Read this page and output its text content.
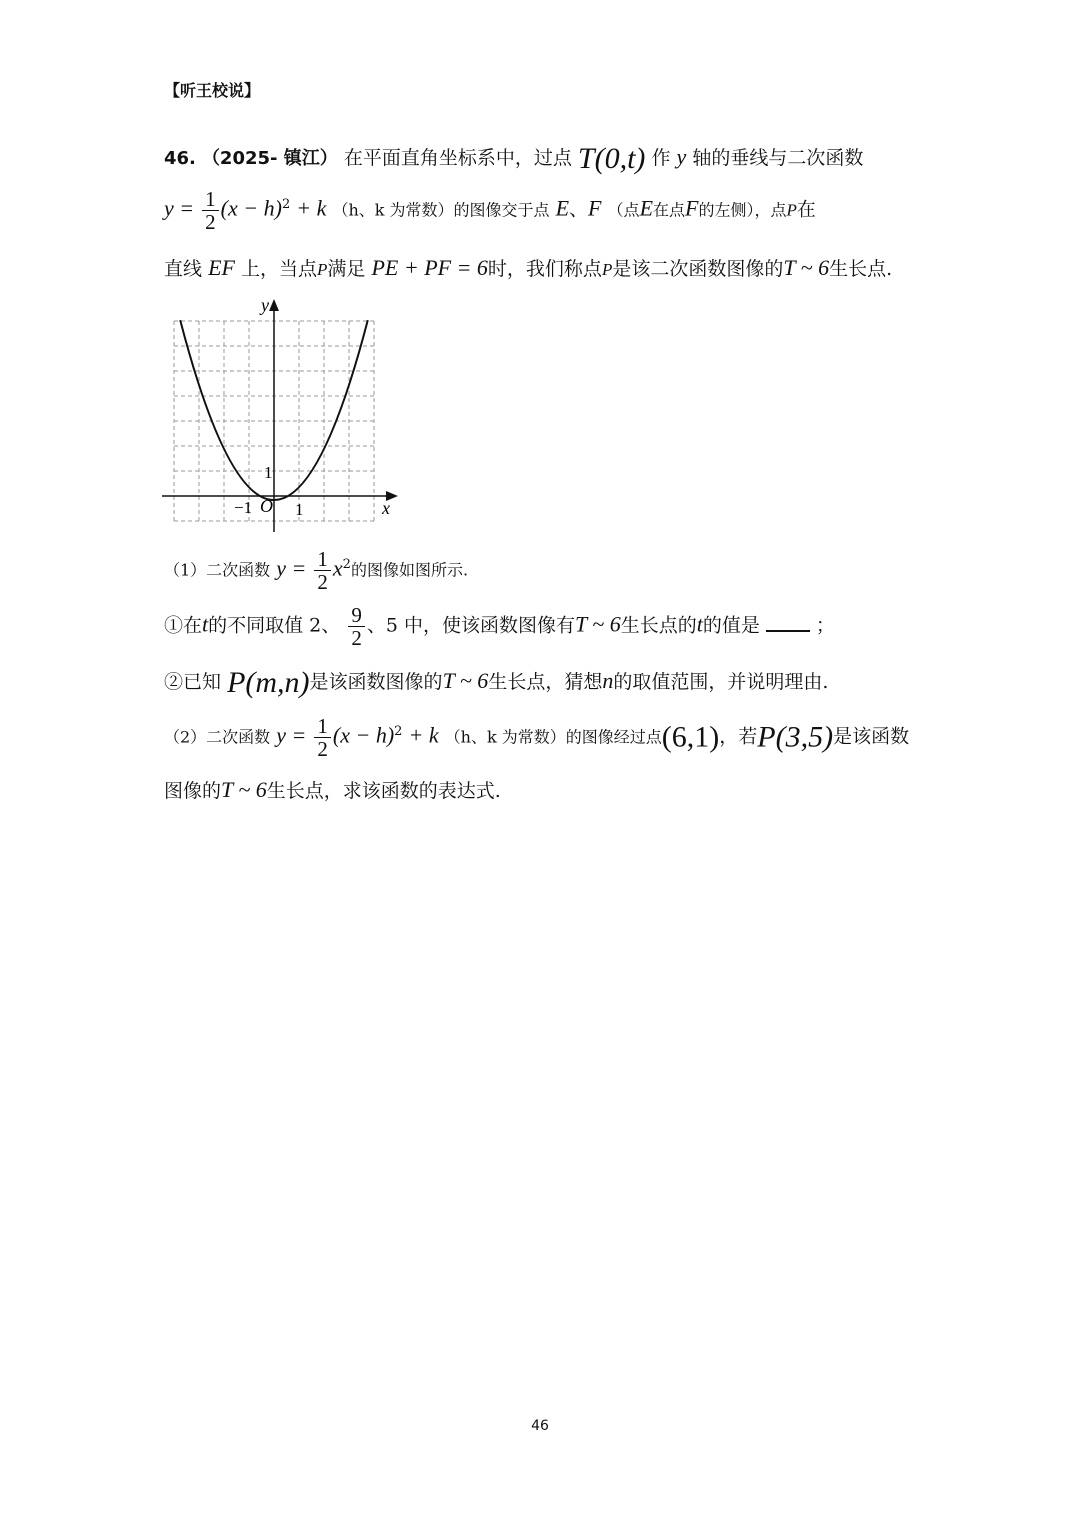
【听王校说】
46. （2025- 镇江） 在平面直角坐标系中，过点 T(0,t) 作 y 轴的垂线与二次函数
$y = \frac{1}{2} (x - h)^2 + k$ （h、k 为常数）的图像交于点 E、F （点E在点F的左侧），点P在
直线 EF 上，当点P满足 PE + PF = 6时，我们称点P是该二次函数图像的T ~ 6生长点.
y
x
O
−1	1
1
（1）二次函数 $y = \frac{1}{2} x^2$的图像如图所示.
①在t的不同取值 2、 $\frac{9}{2}$ 、5 中，使该函数图像有T ~ 6生长点的t的值是	；
②已知 P(m,n)是该函数图像的T ~ 6生长点，猜想n的取值范围，并说明理由.
（2）二次函数 $y = \frac{1}{2} (x - h)^2 + k$ （h、k 为常数）的图像经过点(6,1)，若P(3,5)是该函数
图像的T ~ 6生长点，求该函数的表达式.
46
